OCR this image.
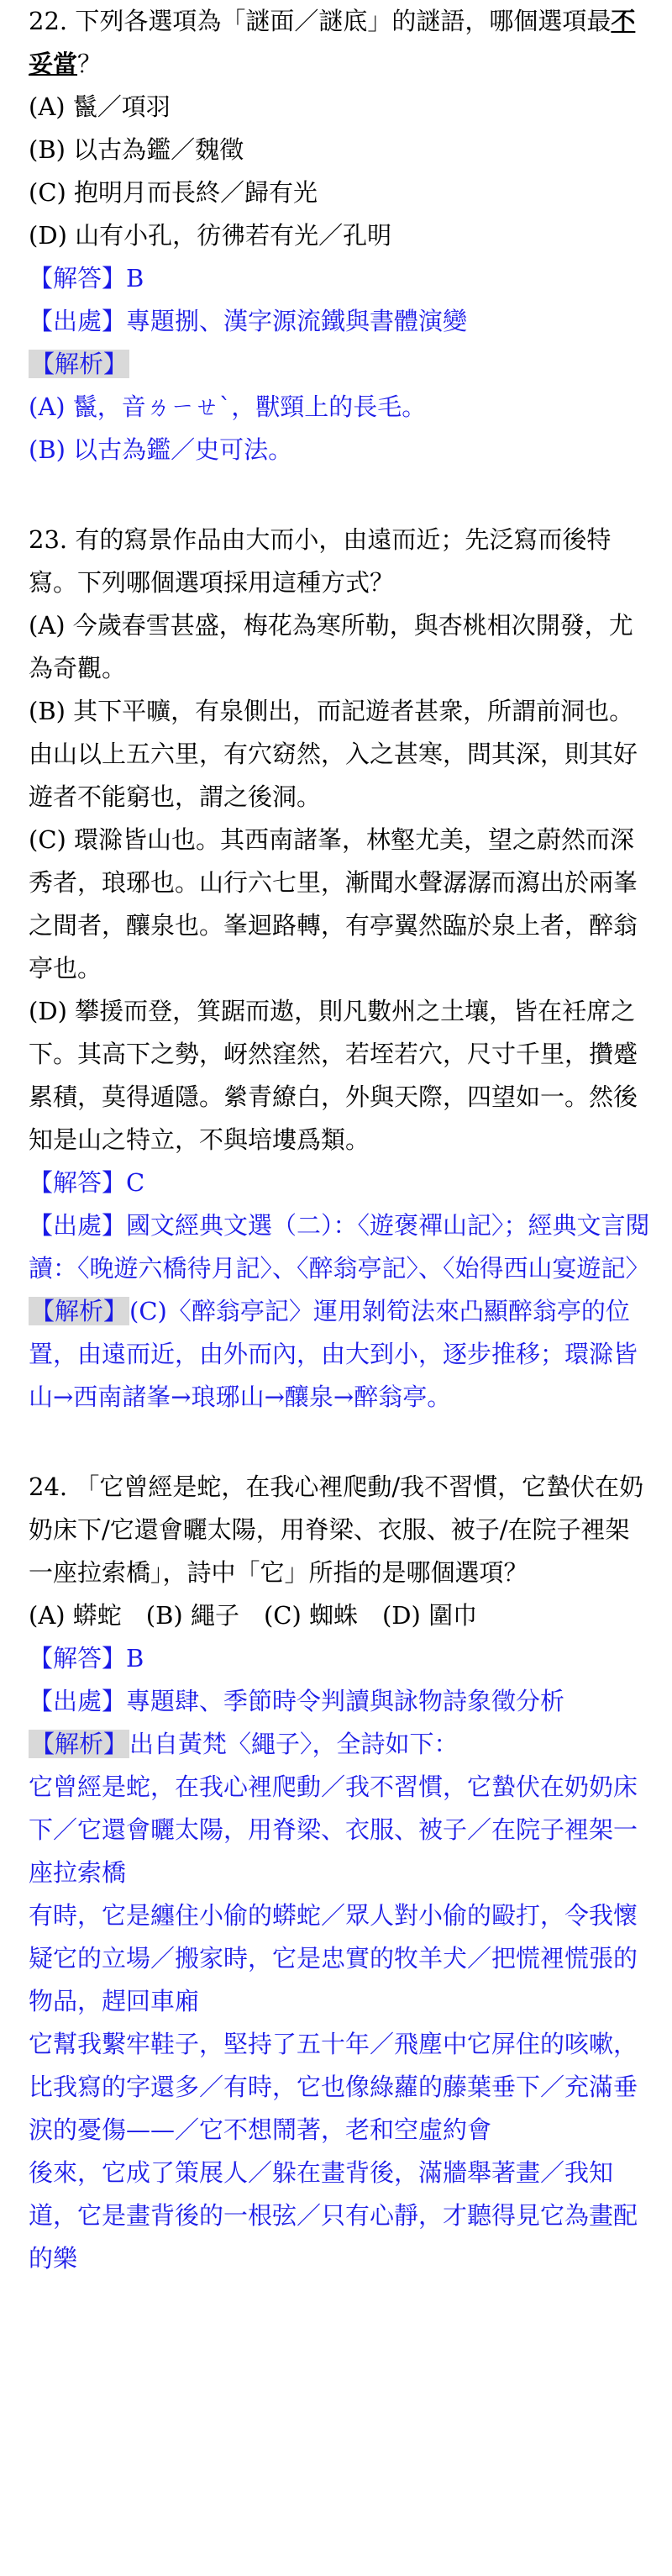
22. 下列各選項為「謎面／謎底」的謎語，哪個選項最不妥當？
(A) 鬣／項羽
(B) 以古為鑑／魏徵
(C) 抱明月而長終／歸有光
(D) 山有小孔，彷彿若有光／孔明
【解答】B
【出處】專題捌、漢字源流鐵與書體演變
【解析】
(A) 鬣，音ㄌㄧㄝˋ，獸頸上的長毛。
(B) 以古為鑑／史可法。
23. 有的寫景作品由大而小，由遠而近；先泛寫而後特寫。下列哪個選項採用這種方式？
(A) 今歲春雪甚盛，梅花為寒所勒，與杏桃相次開發，尤為奇觀。
(B) 其下平曠，有泉側出，而記遊者甚衆，所謂前洞也。由山以上五六里，有穴窈然，入之甚寒，問其深，則其好遊者不能窮也，謂之後洞。
(C) 環滁皆山也。其西南諸峯，林壑尤美，望之蔚然而深秀者，琅琊也。山行六七里，漸聞水聲潺潺而瀉出於兩峯之間者，釀泉也。峯迴路轉，有亭翼然臨於泉上者，醉翁亭也。
(D) 攀援而登，箕踞而遨，則凡數州之土壤，皆在衽席之下。其高下之勢，岈然窪然，若垤若穴，尺寸千里，攢蹙累積，莫得遁隱。縈青繚白，外與天際，四望如一。然後知是山之特立，不與培塿爲類。
【解答】C
【出處】國文經典文選（二）：〈遊褒禪山記〉；經典文言閱讀：〈晚遊六橋待月記〉、〈醉翁亭記〉、〈始得西山宴遊記〉
【解析】(C)〈醉翁亭記〉運用剝筍法來凸顯醉翁亭的位置，由遠而近，由外而內，由大到小，逐步推移；環滁皆山→西南諸峯→琅琊山→釀泉→醉翁亭。
24. 「它曾經是蛇，在我心裡爬動/我不習慣，它蟄伏在奶奶床下/它還會曬太陽，用脊梁、衣服、被子/在院子裡架一座拉索橋」，詩中「它」所指的是哪個選項？
(A) 蟒蛇　(B) 繩子　(C) 蜘蛛　(D) 圍巾
【解答】B
【出處】專題肆、季節時令判讀與詠物詩象徵分析
【解析】出自黃梵〈繩子〉，全詩如下：
它曾經是蛇，在我心裡爬動／我不習慣，它蟄伏在奶奶床下／它還會曬太陽，用脊梁、衣服、被子／在院子裡架一座拉索橋
有時，它是纏住小偷的蟒蛇／眾人對小偷的毆打，令我懷疑它的立場／搬家時，它是忠實的牧羊犬／把慌裡慌張的物品，趕回車廂
它幫我繫牢鞋子，堅持了五十年／飛塵中它屏住的咳嗽，比我寫的字還多／有時，它也像綠蘿的藤葉垂下／充滿垂涙的憂傷——／它不想鬧著，老和空虛約會
後來，它成了策展人／躲在畫背後，滿牆舉著畫／我知道，它是畫背後的一根弦／只有心靜，才聽得見它為畫配的樂
